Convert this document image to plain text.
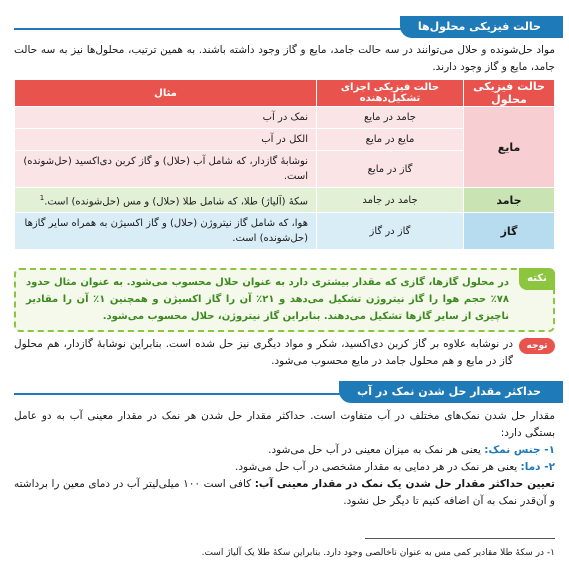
حالت فیزیکی محلول‌ها
مواد حل‌شونده و حلال می‌توانند در سه حالت جامد، مایع و گاز وجود داشته باشند. به همین ترتیب، محلول‌ها نیز به سه حالت جامد، مایع و گاز وجود دارند.
حالت فیزیکی محلول	حالت فیزیکی اجزای تشکیل‌دهنده	مثال
مایع	جامد در مایع	نمک در آب
	مایع در مایع	الکل در آب
	گاز در مایع	نوشابهٔ گازدار، که شامل آب (حلال) و گاز کربن دی‌اکسید (حل‌شونده) است.
جامد	جامد در جامد	سکهٔ (آلیاژ) طلا، که شامل طلا (حلال) و مس (حل‌شونده) است.$^1$
گاز	گاز در گاز	هوا، که شامل گاز نیتروژن (حلال) و گاز اکسیژن به همراه سایر گازها (حل‌شونده) است.
نکته
در محلول گازها، گازی که مقدار بیشتری دارد به عنوان حلال محسوب می‌شود. به عنوان مثال حدود ۷۸٪ حجم هوا را گاز نیتروژن تشکیل می‌دهد و ۲۱٪ آن را گاز اکسیژن و همچنین ۱٪ آن را مقادیر ناچیزی از سایر گازها تشکیل می‌دهند. بنابراین گاز نیتروژن، حلال محسوب می‌شود.
توجه
در نوشابه علاوه بر گاز کربن دی‌اکسید، شکر و مواد دیگری نیز حل شده است. بنابراین نوشابهٔ گازدار، هم محلول گاز در مایع و هم محلول جامد در مایع محسوب می‌شود.
حداکثر مقدار حل شدن نمک در آب
مقدار حل شدن نمک‌های مختلف در آب متفاوت است. حداکثر مقدار حل شدن هر نمک در مقدار معینی آب به دو عامل بستگی دارد:
۱- جنس نمک: یعنی هر نمک به میزان معینی در آب حل می‌شود.
۲- دما: یعنی هر نمک در هر دمایی به مقدار مشخصی در آب حل می‌شود.
تعیین حداکثر مقدار حل شدن یک نمک در مقدار معینی آب: کافی است ۱۰۰ میلی‌لیتر آب در دمای معین را برداشته و آن‌قدر نمک به آن اضافه کنیم تا دیگر حل نشود.
۱- در سکهٔ طلا مقادیر کمی مس به عنوان ناخالصی وجود دارد. بنابراین سکهٔ طلا یک آلیاژ است.
